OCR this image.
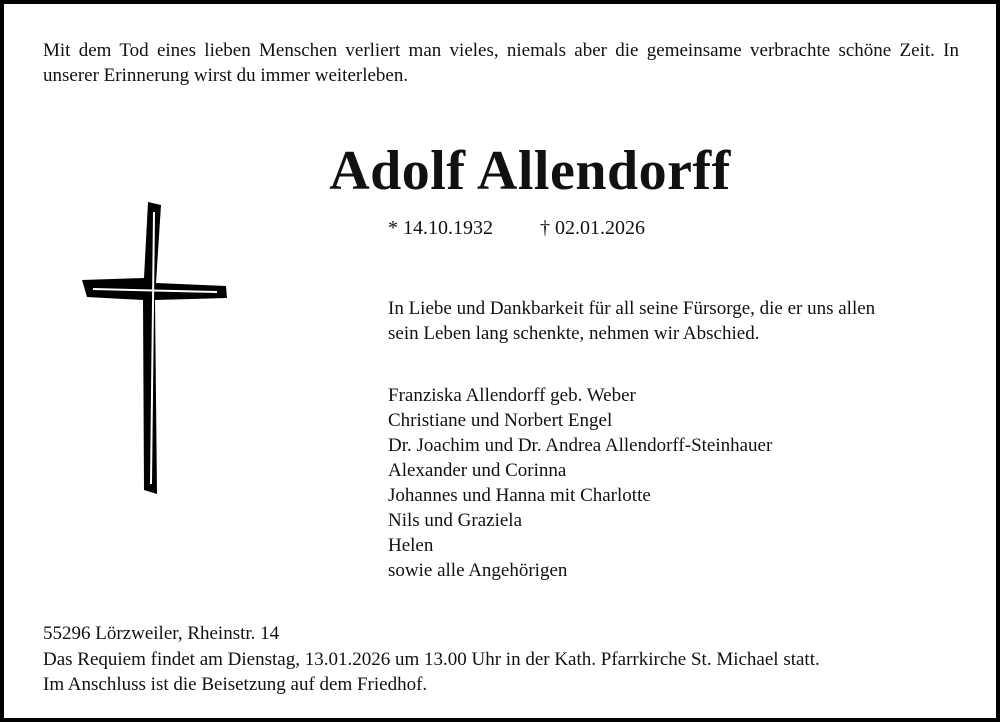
Mit dem Tod eines lieben Menschen verliert man vieles, niemals aber die gemeinsame verbrachte schöne Zeit. In unserer Erinnerung wirst du immer weiterleben.
Adolf Allendorff
* 14.10.1932 † 02.01.2026
In Liebe und Dankbarkeit für all seine Fürsorge, die er uns allen
sein Leben lang schenkte, nehmen wir Abschied.
Franziska Allendorff geb. Weber
Christiane und Norbert Engel
Dr. Joachim und Dr. Andrea Allendorff-Steinhauer
Alexander und Corinna
Johannes und Hanna mit Charlotte
Nils und Graziela
Helen
sowie alle Angehörigen
55296 Lörzweiler, Rheinstr. 14
Das Requiem findet am Dienstag, 13.01.2026 um 13.00 Uhr in der Kath. Pfarrkirche St. Michael statt.
Im Anschluss ist die Beisetzung auf dem Friedhof.
